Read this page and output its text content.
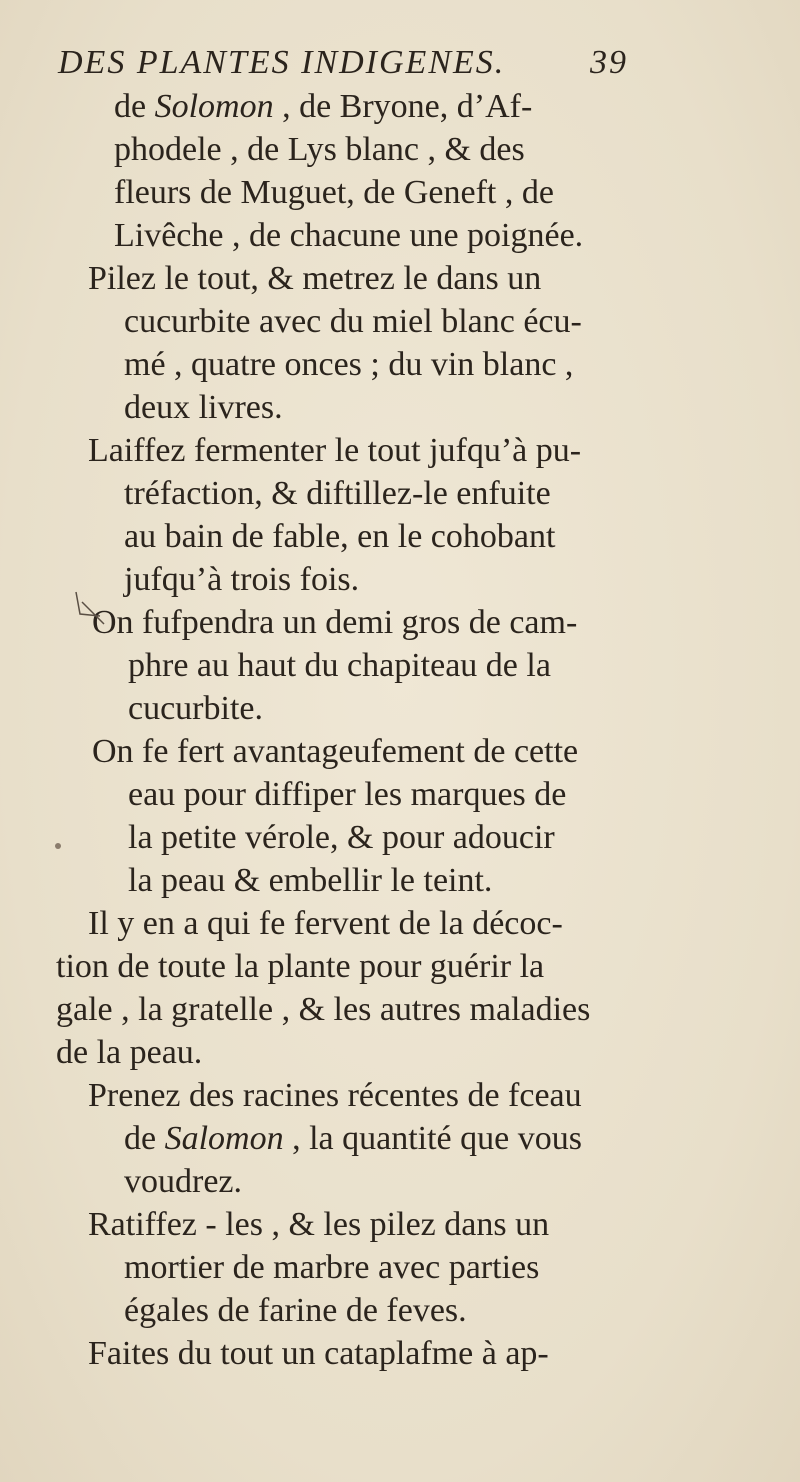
DES PLANTES INDIGENES. 39
de Solomon , de Bryone, d’Af-
phodele , de Lys blanc , & des
fleurs de Muguet, de Geneft , de
Livêche , de chacune une poignée.
Pilez le tout, & metrez le dans un
cucurbite avec du miel blanc écu-
mé , quatre onces ; du vin blanc ,
deux livres.
Laiffez fermenter le tout jufqu’à pu-
tréfaction, & diftillez-le enfuite
au bain de fable, en le cohobant
jufqu’à trois fois.
On fufpendra un demi gros de cam-
phre au haut du chapiteau de la
cucurbite.
On fe fert avantageufement de cette
eau pour diffiper les marques de
la petite vérole, & pour adoucir
la peau & embellir le teint.
Il y en a qui fe fervent de la décoc-
tion de toute la plante pour guérir la
gale , la gratelle , & les autres maladies
de la peau.
Prenez des racines récentes de fceau
de Salomon , la quantité que vous
voudrez.
Ratiffez - les , & les pilez dans un
mortier de marbre avec parties
égales de farine de feves.
Faites du tout un cataplafme à ap-
